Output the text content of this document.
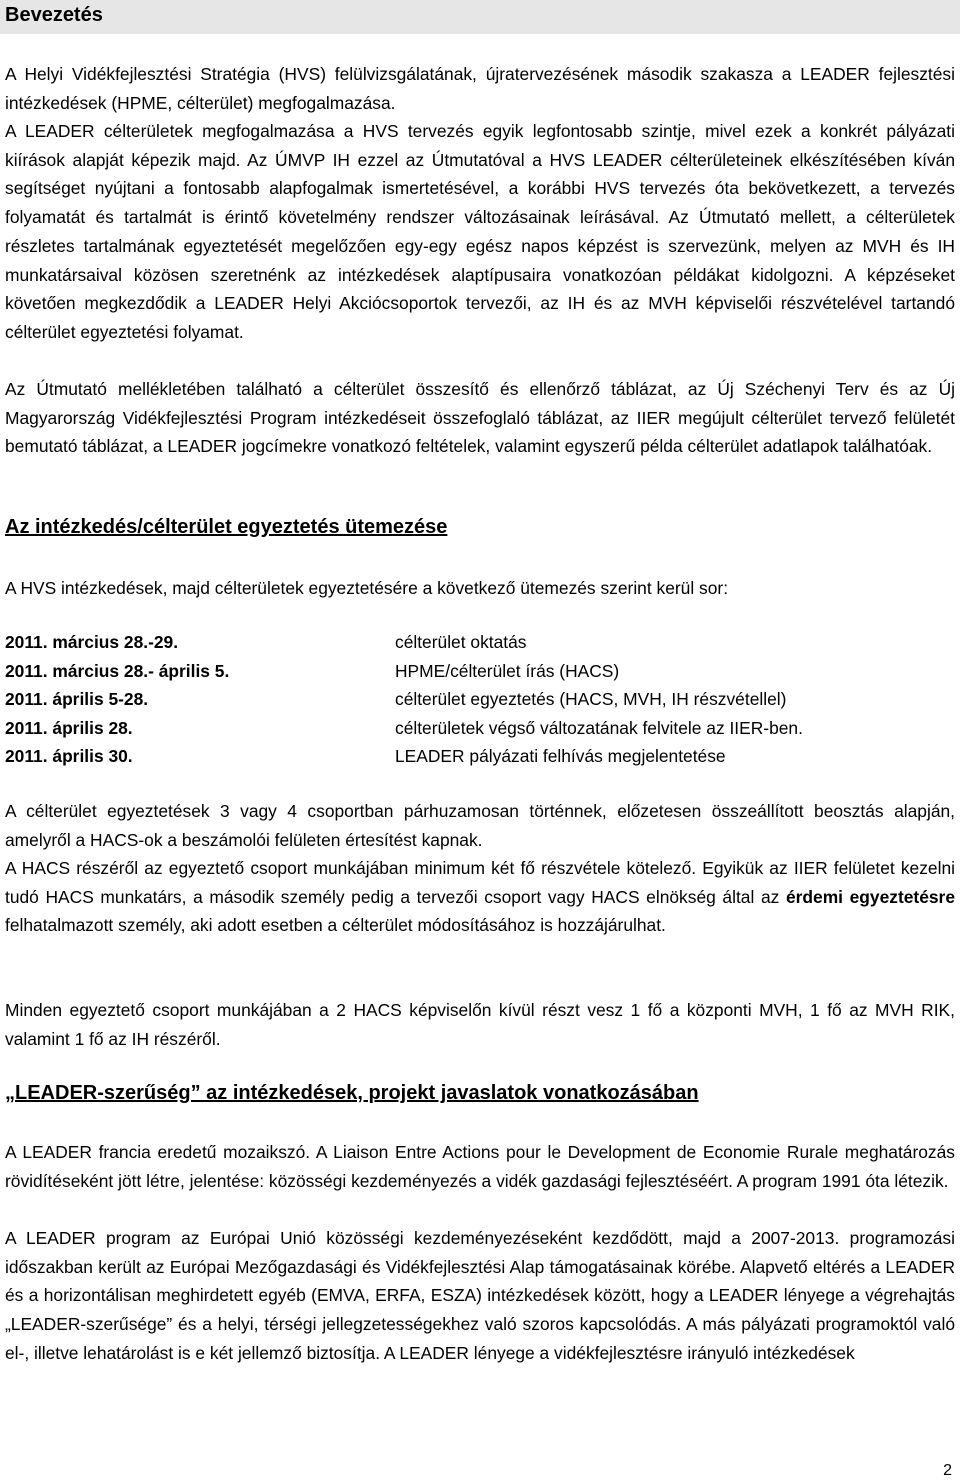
Bevezetés
A Helyi Vidékfejlesztési Stratégia (HVS) felülvizsgálatának, újratervezésének második szakasza a LEADER fejlesztési intézkedések (HPME, célterület) megfogalmazása.
A LEADER célterületek megfogalmazása a HVS tervezés egyik legfontosabb szintje, mivel ezek a konkrét pályázati kiírások alapját képezik majd. Az ÚMVP IH ezzel az Útmutatóval a HVS LEADER célterületeinek elkészítésében kíván segítséget nyújtani a fontosabb alapfogalmak ismertetésével, a korábbi HVS tervezés óta bekövetkezett, a tervezés folyamatát és tartalmát is érintő követelmény rendszer változásainak leírásával. Az Útmutató mellett, a célterületek részletes tartalmának egyeztetését megelőzően egy-egy egész napos képzést is szervezünk, melyen az MVH és IH munkatársaival közösen szeretnénk az intézkedések alaptípusaira vonatkozóan példákat kidolgozni. A képzéseket követően megkezdődik a LEADER Helyi Akciócsoportok tervezői, az IH és az MVH képviselői részvételével tartandó célterület egyeztetési folyamat.
Az Útmutató mellékletében található a célterület összesítő és ellenőrző táblázat, az Új Széchenyi Terv és az Új Magyarország Vidékfejlesztési Program intézkedéseit összefoglaló táblázat, az IIER megújult célterület tervező felületét bemutató táblázat, a LEADER jogcímekre vonatkozó feltételek, valamint egyszerű példa célterület adatlapok találhatóak.
Az intézkedés/célterület egyeztetés ütemezése
A HVS intézkedések, majd célterületek egyeztetésére a következő ütemezés szerint kerül sor:
2011. március 28.-29.	célterület oktatás
2011. március 28.- április 5.	HPME/célterület írás (HACS)
2011. április 5-28.	célterület egyeztetés (HACS, MVH, IH részvétellel)
2011. április 28.	célterületek végső változatának felvitele az IIER-ben.
2011. április 30.	LEADER pályázati felhívás megjelentetése
A célterület egyeztetések 3 vagy 4 csoportban párhuzamosan történnek, előzetesen összeállított beosztás alapján, amelyről a HACS-ok a beszámolói felületen értesítést kapnak.
A HACS részéről az egyeztető csoport munkájában minimum két fő részvétele kötelező. Egyikük az IIER felületet kezelni tudó HACS munkatárs, a második személy pedig a tervezői csoport vagy HACS elnökség által az érdemi egyeztetésre felhatalmazott személy, aki adott esetben a célterület módosításához is hozzájárulhat.
Minden egyeztető csoport munkájában a 2 HACS képviselőn kívül részt vesz 1 fő a központi MVH, 1 fő az MVH RIK, valamint 1 fő az IH részéről.
„LEADER-szerűség” az intézkedések, projekt javaslatok vonatkozásában
A LEADER francia eredetű mozaikszó. A Liaison Entre Actions pour le Development de Economie Rurale meghatározás rövidítéseként jött létre, jelentése: közösségi kezdeményezés a vidék gazdasági fejlesztéséért. A program 1991 óta létezik.
A LEADER program az Európai Unió közösségi kezdeményezéseként kezdődött, majd a 2007-2013. programozási időszakban került az Európai Mezőgazdasági és Vidékfejlesztési Alap támogatásainak körébe. Alapvető eltérés a LEADER és a horizontálisan meghirdetett egyéb (EMVA, ERFA, ESZA) intézkedések között, hogy a LEADER lényege a végrehajtás „LEADER-szerűsége” és a helyi, térségi jellegzetességekhez való szoros kapcsolódás. A más pályázati programoktól való el-, illetve lehatárolást is e két jellemző biztosítja. A LEADER lényege a vidékfejlesztésre irányuló intézkedések
2
